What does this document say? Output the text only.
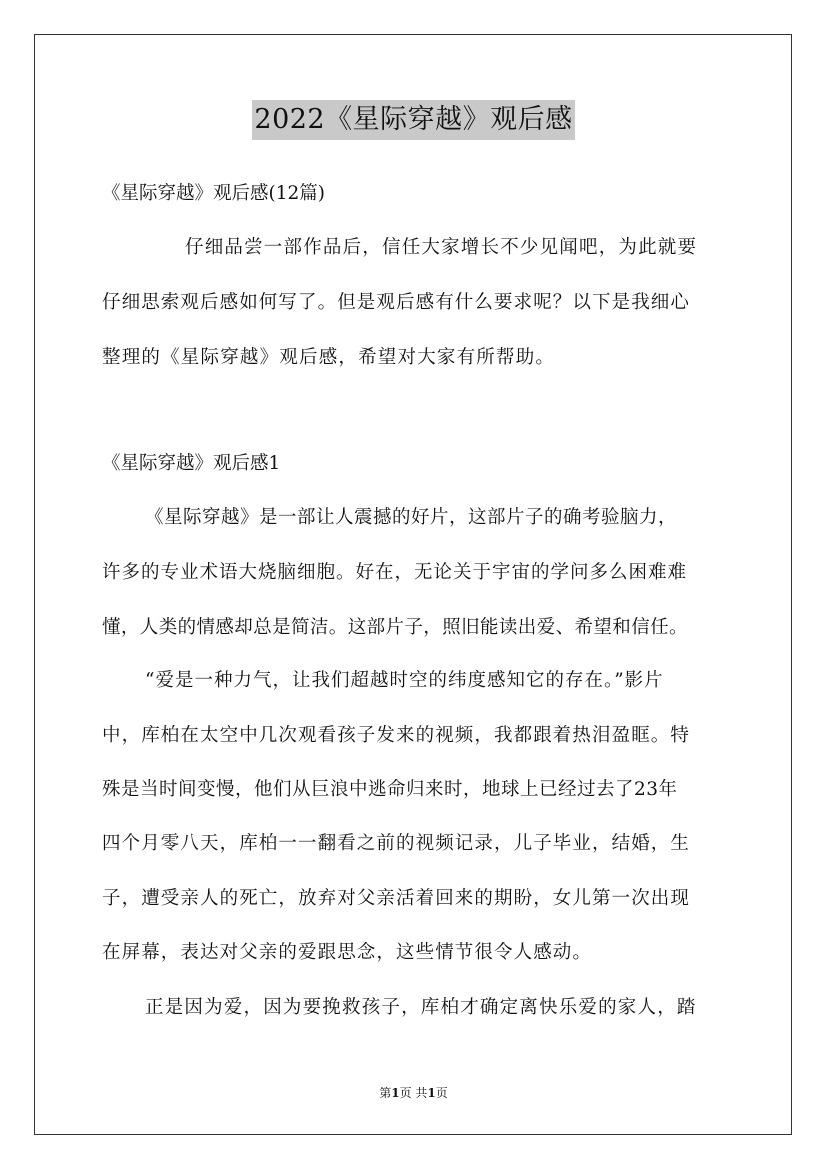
2022《星际穿越》观后感
《星际穿越》观后感(12篇)
仔细品尝一部作品后，信任大家增长不少见闻吧，为此就要
仔细思索观后感如何写了。但是观后感有什么要求呢？以下是我细心
整理的《星际穿越》观后感，希望对大家有所帮助。
《星际穿越》观后感1
《星际穿越》是一部让人震撼的好片，这部片子的确考验脑力，
许多的专业术语大烧脑细胞。好在，无论关于宇宙的学问多么困难难
懂，人类的情感却总是简洁。这部片子，照旧能读出爱、希望和信任。
“爱是一种力气，让我们超越时空的纬度感知它的存在。”影片
中，库柏在太空中几次观看孩子发来的视频，我都跟着热泪盈眶。特
殊是当时间变慢，他们从巨浪中逃命归来时，地球上已经过去了23年
四个月零八天，库柏一一翻看之前的视频记录，儿子毕业，结婚，生
子，遭受亲人的死亡，放弃对父亲活着回来的期盼，女儿第一次出现
在屏幕，表达对父亲的爱跟思念，这些情节很令人感动。
正是因为爱，因为要挽救孩子，库柏才确定离快乐爱的家人，踏
第1页 共1页
